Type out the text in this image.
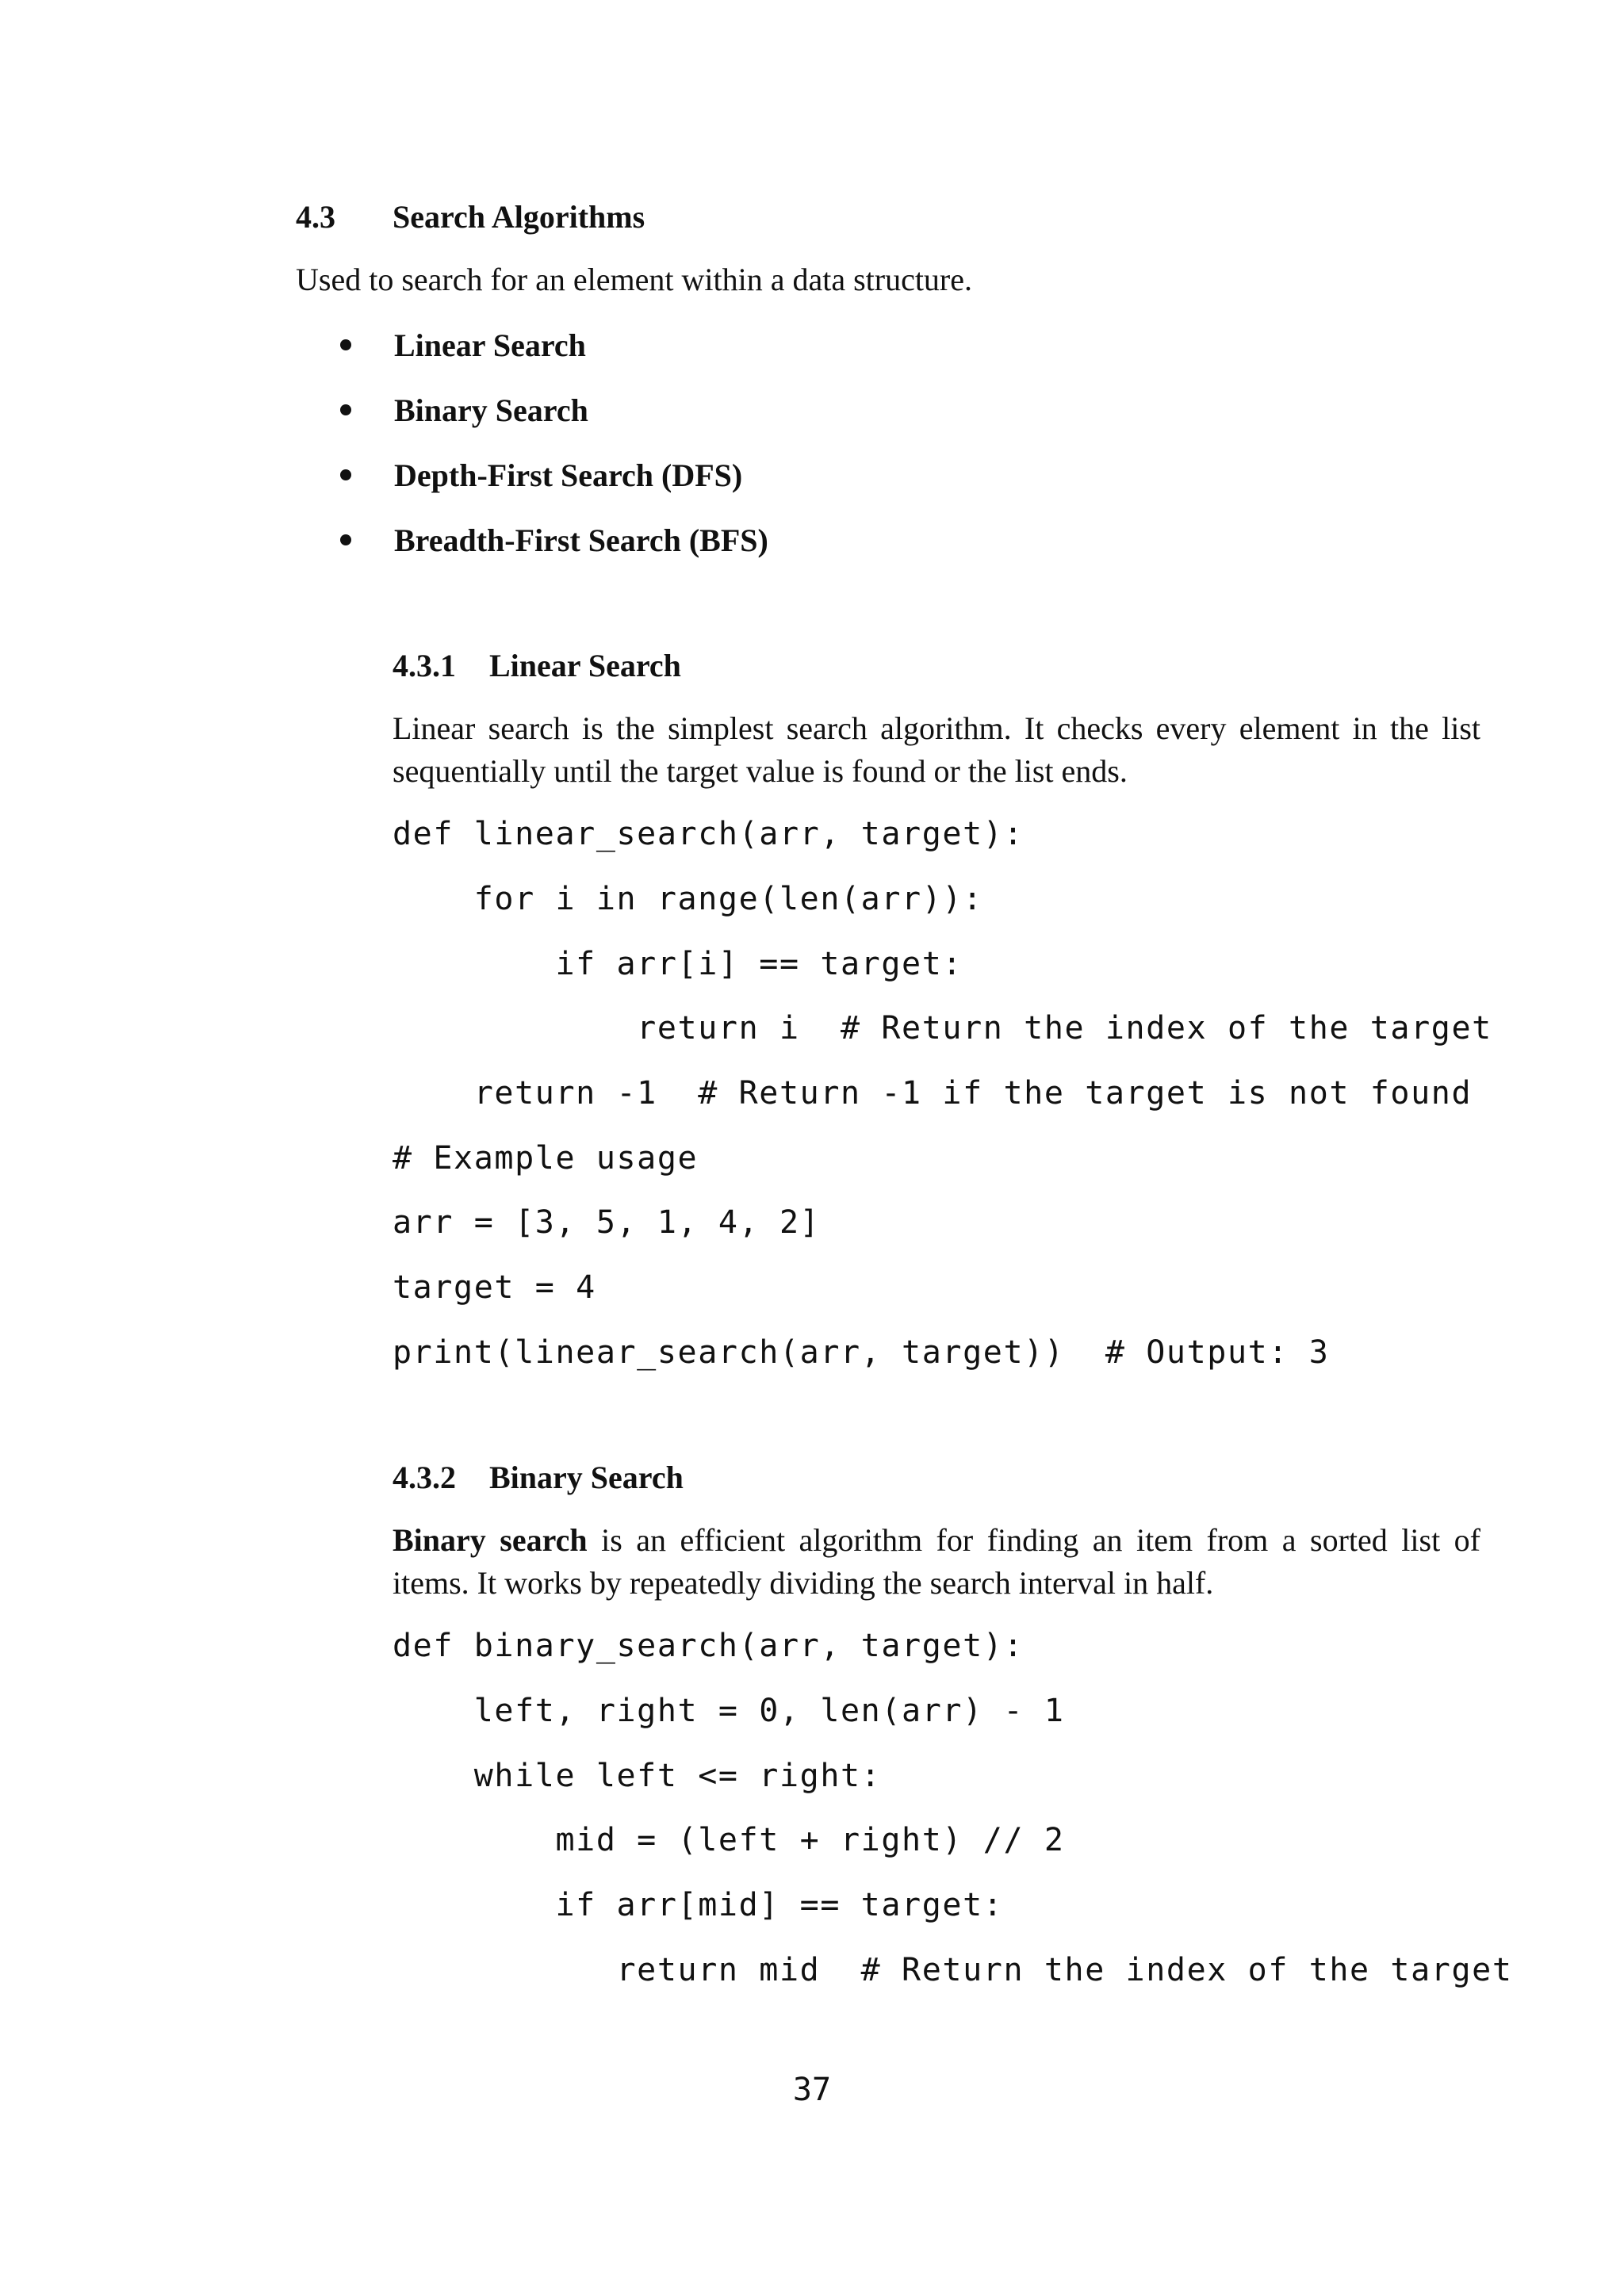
4.3 Search Algorithms
Used to search for an element within a data structure.
Linear Search
Binary Search
Depth-First Search (DFS)
Breadth-First Search (BFS)
4.3.1 Linear Search
Linear search is the simplest search algorithm. It checks every element in the list sequentially until the target value is found or the list ends.
def linear_search(arr, target):
for i in range(len(arr)):
if arr[i] == target:
return i  # Return the index of the target
return -1  # Return -1 if the target is not found
# Example usage
arr = [3, 5, 1, 4, 2]
target = 4
print(linear_search(arr, target))  # Output: 3
4.3.2 Binary Search
Binary search is an efficient algorithm for finding an item from a sorted list of items. It works by repeatedly dividing the search interval in half.
def binary_search(arr, target):
left, right = 0, len(arr) - 1
while left <= right:
mid = (left + right) // 2
if arr[mid] == target:
return mid  # Return the index of the target
37
